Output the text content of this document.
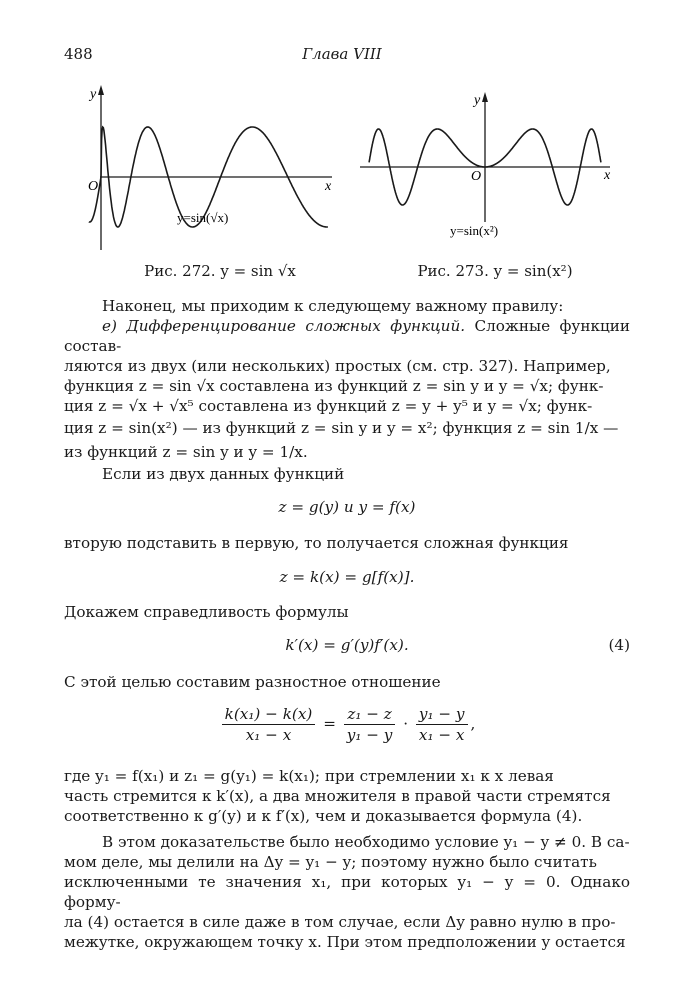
488	Глава VIII
y
x
O
y=sin(√x)
Рис. 272. y = sin √x
y
x
O
y=sin(x²)
Рис. 273. y = sin(x²)

Наконец, мы приходим к следующему важному правилу:

е) Дифференцирование сложных функций. Сложные функции состав-

ляются из двух (или нескольких) простых (см. стр. 327). Например,

функция z = sin √x составлена из функций z = sin y и y = √x; функ-

ция z = √x + √x⁵ составлена из функций z = y + y⁵ и y = √x; функ-

ция z = sin(x²) — из функций z = sin y и y = x²; функция z = sin 1/x —

из функций z = sin y и y = 1/x.

Если из двух данных функций

z = g(y) и y = f(x)

вторую подставить в первую, то получается сложная функция

z = k(x) = g[f(x)].

Докажем справедливость формулы

k′(x) = g′(y)f′(x).	(4)

С этой целью составим разностное отношение

$\frac{\text{k(x₁) − k(x)}}{\text{x₁ − x}} = \frac{\text{z₁ − z}}{\text{y₁ − y}} \cdot \frac{\text{y₁ − y}}{\text{x₁ − x}}$ ,

где y₁ = f(x₁) и z₁ = g(y₁) = k(x₁); при стремлении x₁ к x левая

часть стремится к k′(x), а два множителя в правой части стремятся

соответственно к g′(y) и к f′(x), чем и доказывается формула (4).

В этом доказательстве было необходимо условие y₁ − y ≠ 0. В са-

мом деле, мы делили на Δy = y₁ − y; поэтому нужно было считать

исключенными те значения x₁, при которых y₁ − y = 0. Однако форму-

ла (4) остается в силе даже в том случае, если Δy равно нулю в про-

межутке, окружающем точку x. При этом предположении y остается
